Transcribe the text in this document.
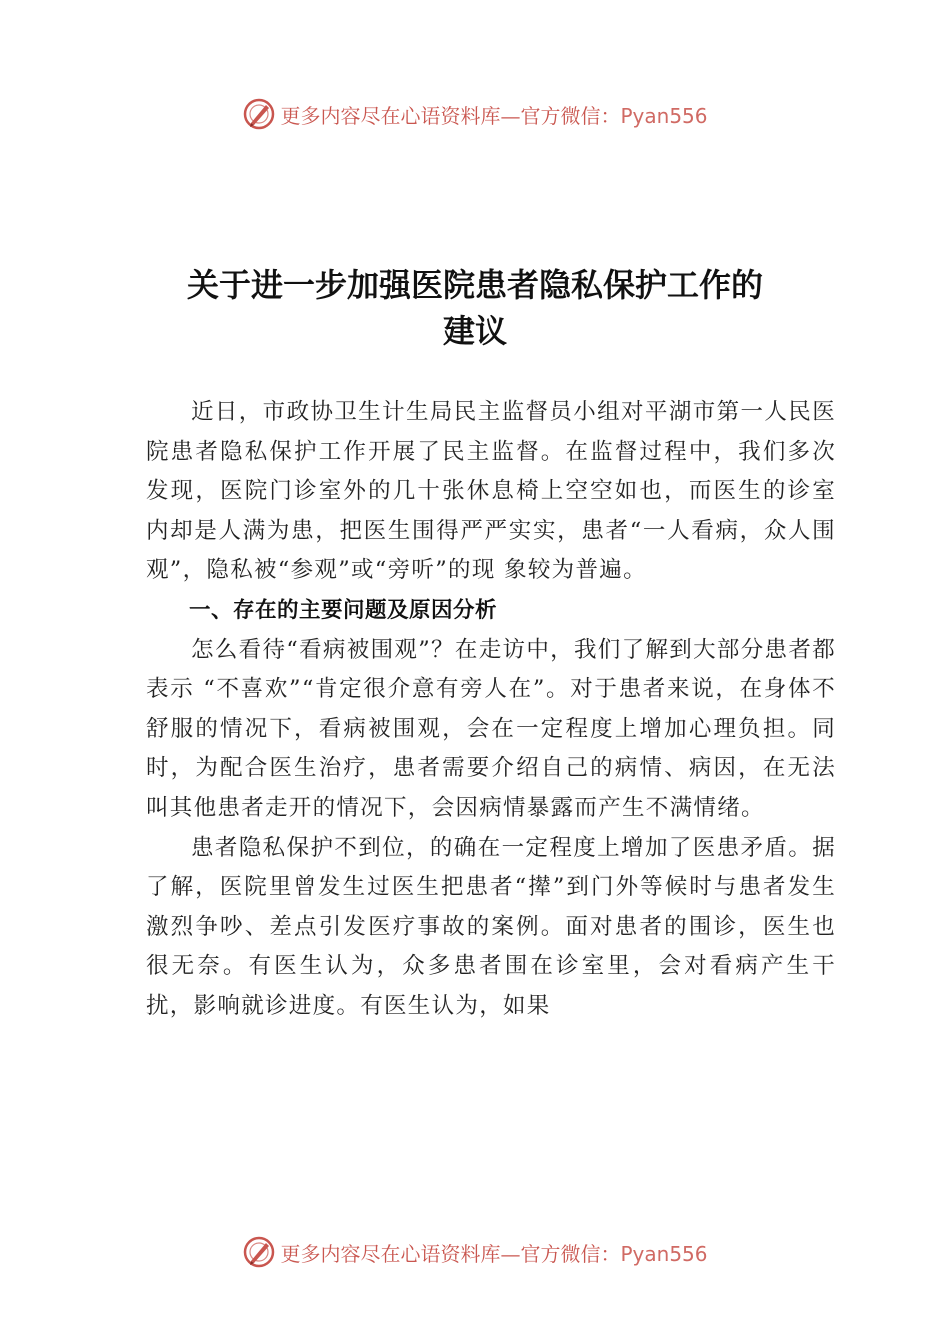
更多内容尽在心语资料库—官方微信：Pyan556
关于进一步加强医院患者隐私保护工作的
建议

近日，市政协卫生计生局民主监督员小组对平湖市第一人民医院患者隐私保护工作开展了民主监督。在监督过程中，我们多次发现，医院门诊室外的几十张休息椅上空空如也，而医生的诊室内却是人满为患，把医生围得严严实实，患者“一人看病，众人围观”，隐私被“参观”或“旁听”的现 象较为普遍。

一、存在的主要问题及原因分析

怎么看待“看病被围观”？在走访中，我们了解到大部分患者都表示 “不喜欢”“肯定很介意有旁人在”。对于患者来说，在身体不舒服的情况下，看病被围观，会在一定程度上增加心理负担。同时，为配合医生治疗，患者需要介绍自己的病情、病因，在无法叫其他患者走开的情况下，会因病情暴露而产生不满情绪。

患者隐私保护不到位，的确在一定程度上增加了医患矛盾。据了解，医院里曾发生过医生把患者“撵”到门外等候时与患者发生激烈争吵、差点引发医疗事故的案例。面对患者的围诊，医生也很无奈。有医生认为，众多患者围在诊室里，会对看病产生干扰，影响就诊进度。有医生认为，如果

更多内容尽在心语资料库—官方微信：Pyan556
